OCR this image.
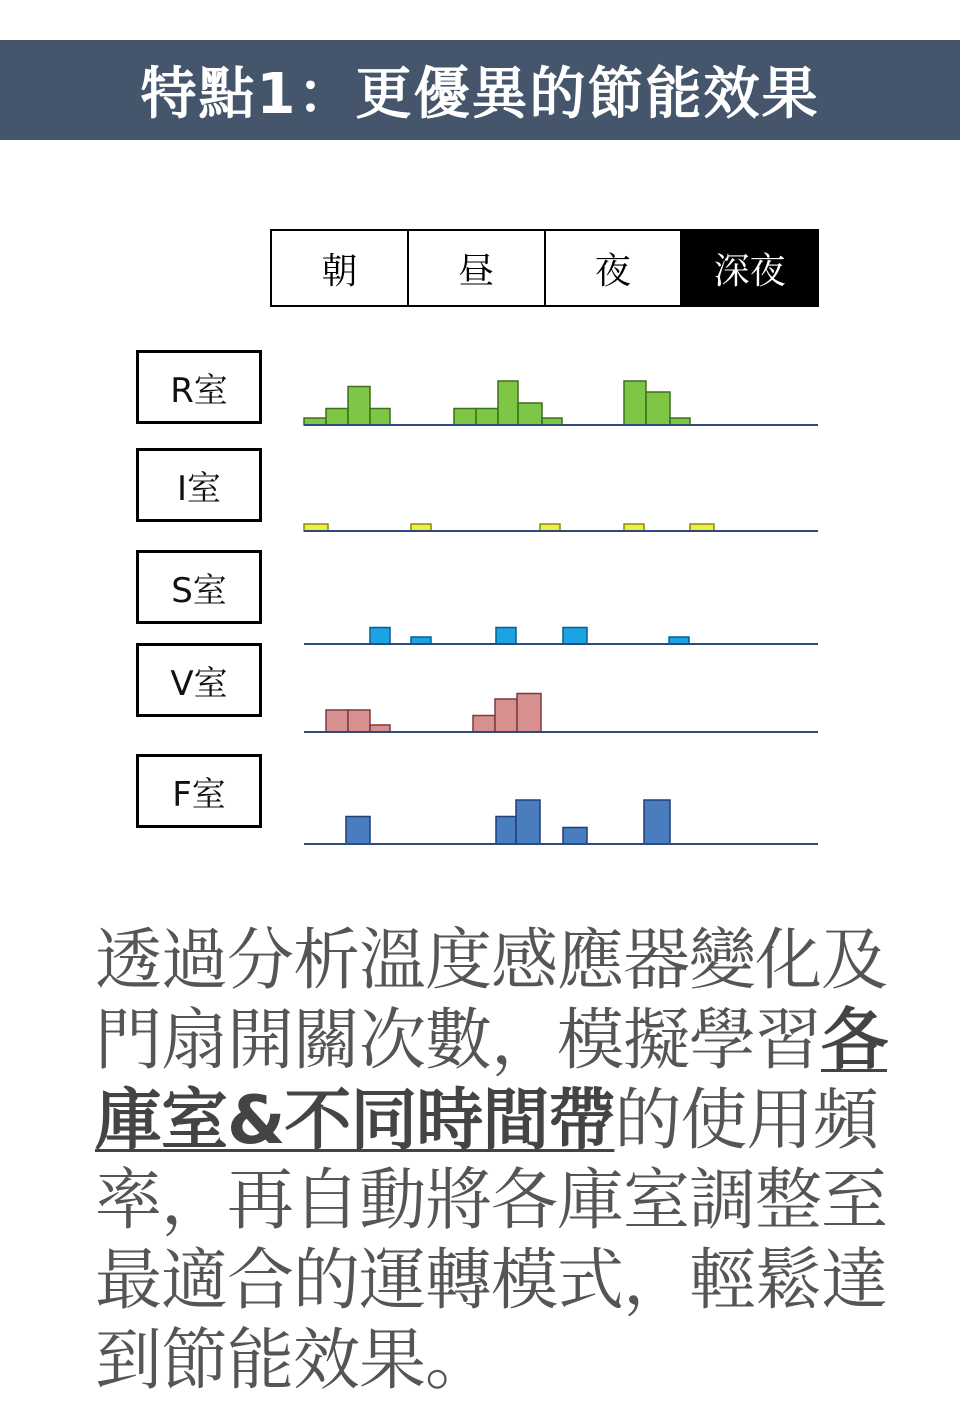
特點1：更優異的節能效果
朝	昼	夜	深夜
R室
I室
S室
V室
F室
透過分析溫度感應器變化及
門扇開關次數，模擬學習各
庫室&不同時間帶的使用頻
率，再自動將各庫室調整至
最適合的運轉模式，輕鬆達
到節能效果。
